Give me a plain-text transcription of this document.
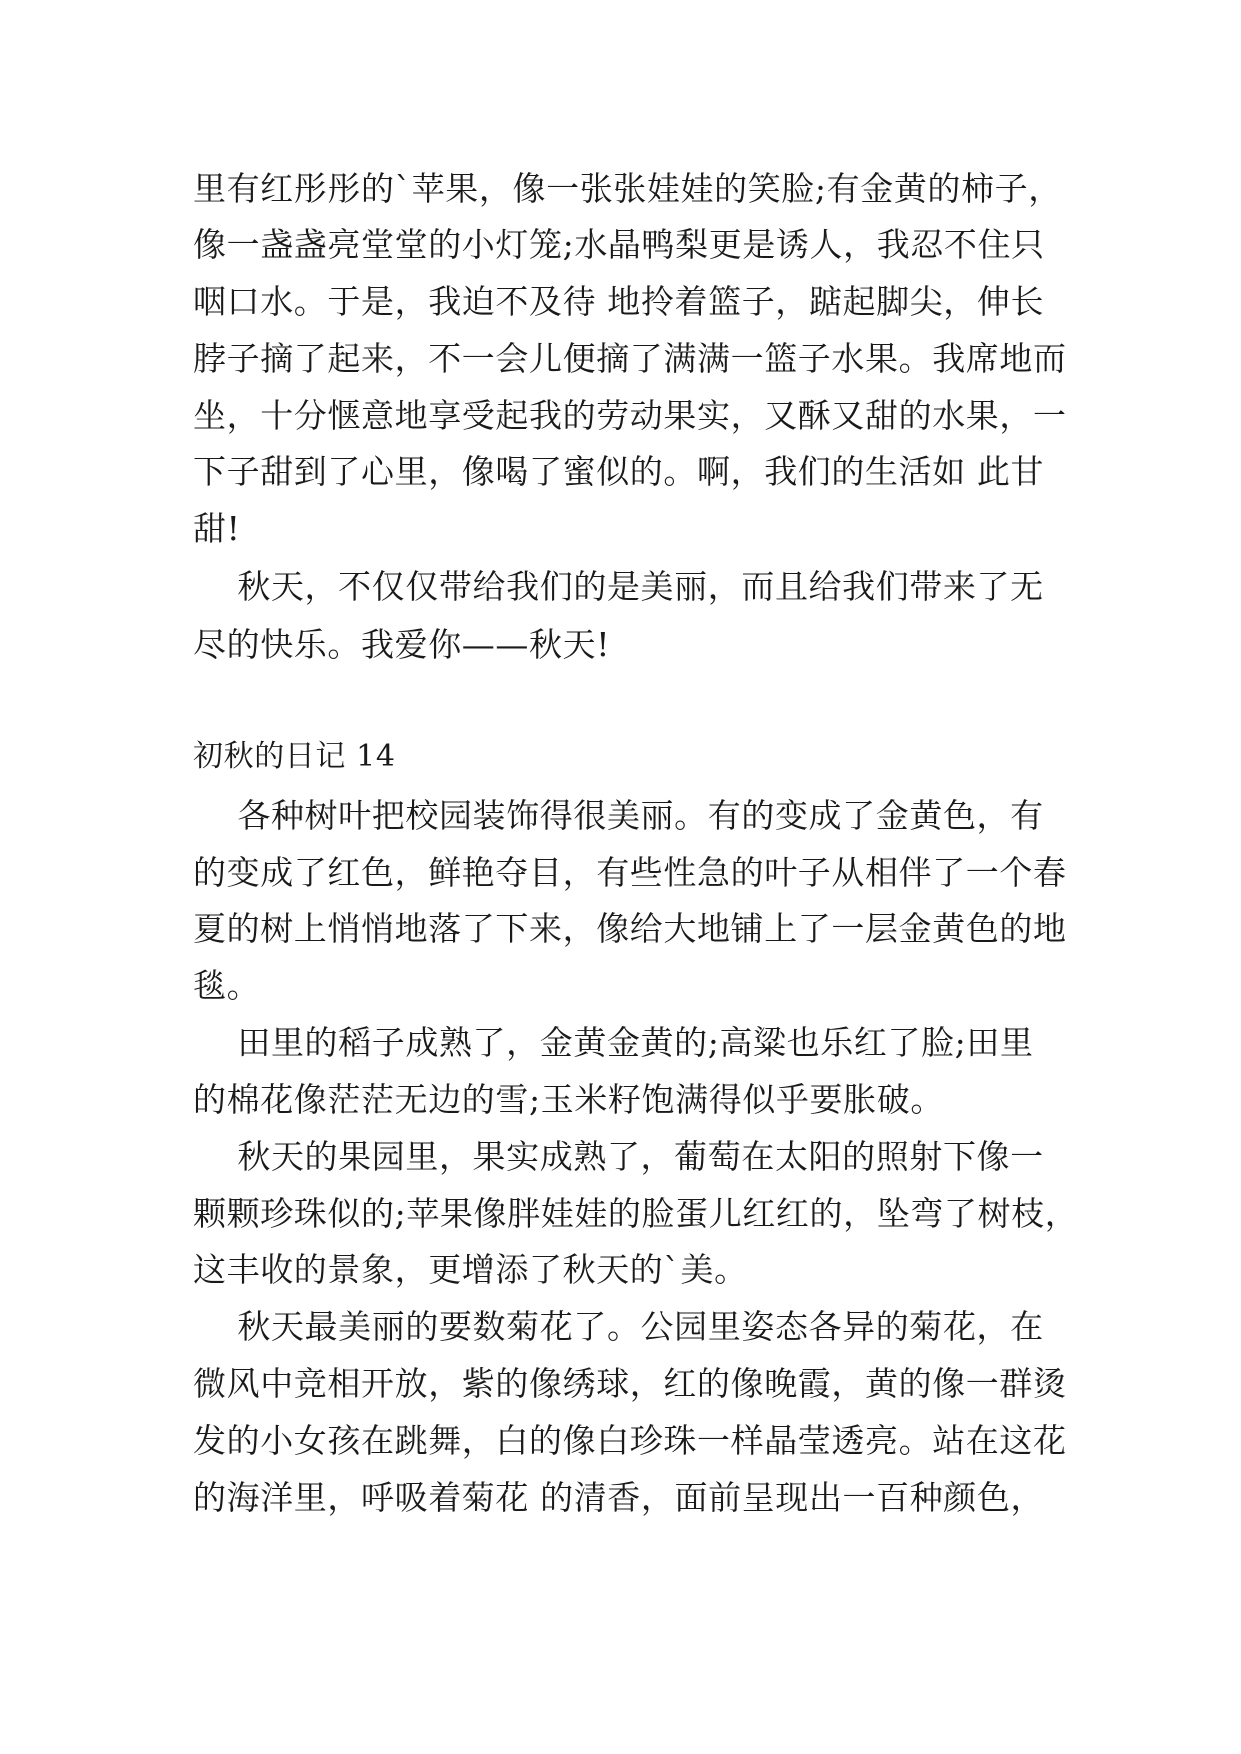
里有红彤彤的`苹果，像一张张娃娃的笑脸;有金黄的柿子，
像一盏盏亮堂堂的小灯笼;水晶鸭梨更是诱人，我忍不住只
咽口水。于是，我迫不及待 地拎着篮子，踮起脚尖，伸长
脖子摘了起来，不一会儿便摘了满满一篮子水果。我席地而
坐，十分惬意地享受起我的劳动果实，又酥又甜的水果，一
下子甜到了心里，像喝了蜜似的。啊，我们的生活如 此甘
甜!
秋天，不仅仅带给我们的是美丽，而且给我们带来了无
尽的快乐。我爱你——秋天!
初秋的日记 14
各种树叶把校园装饰得很美丽。有的变成了金黄色，有
的变成了红色，鲜艳夺目，有些性急的叶子从相伴了一个春
夏的树上悄悄地落了下来，像给大地铺上了一层金黄色的地
毯。
田里的稻子成熟了，金黄金黄的;高粱也乐红了脸;田里
的棉花像茫茫无边的雪;玉米籽饱满得似乎要胀破。
秋天的果园里，果实成熟了，葡萄在太阳的照射下像一
颗颗珍珠似的;苹果像胖娃娃的脸蛋儿红红的，坠弯了树枝，
这丰收的景象，更增添了秋天的`美。
秋天最美丽的要数菊花了。公园里姿态各异的菊花，在
微风中竞相开放，紫的像绣球，红的像晚霞，黄的像一群烫
发的小女孩在跳舞，白的像白珍珠一样晶莹透亮。站在这花
的海洋里，呼吸着菊花 的清香，面前呈现出一百种颜色，
